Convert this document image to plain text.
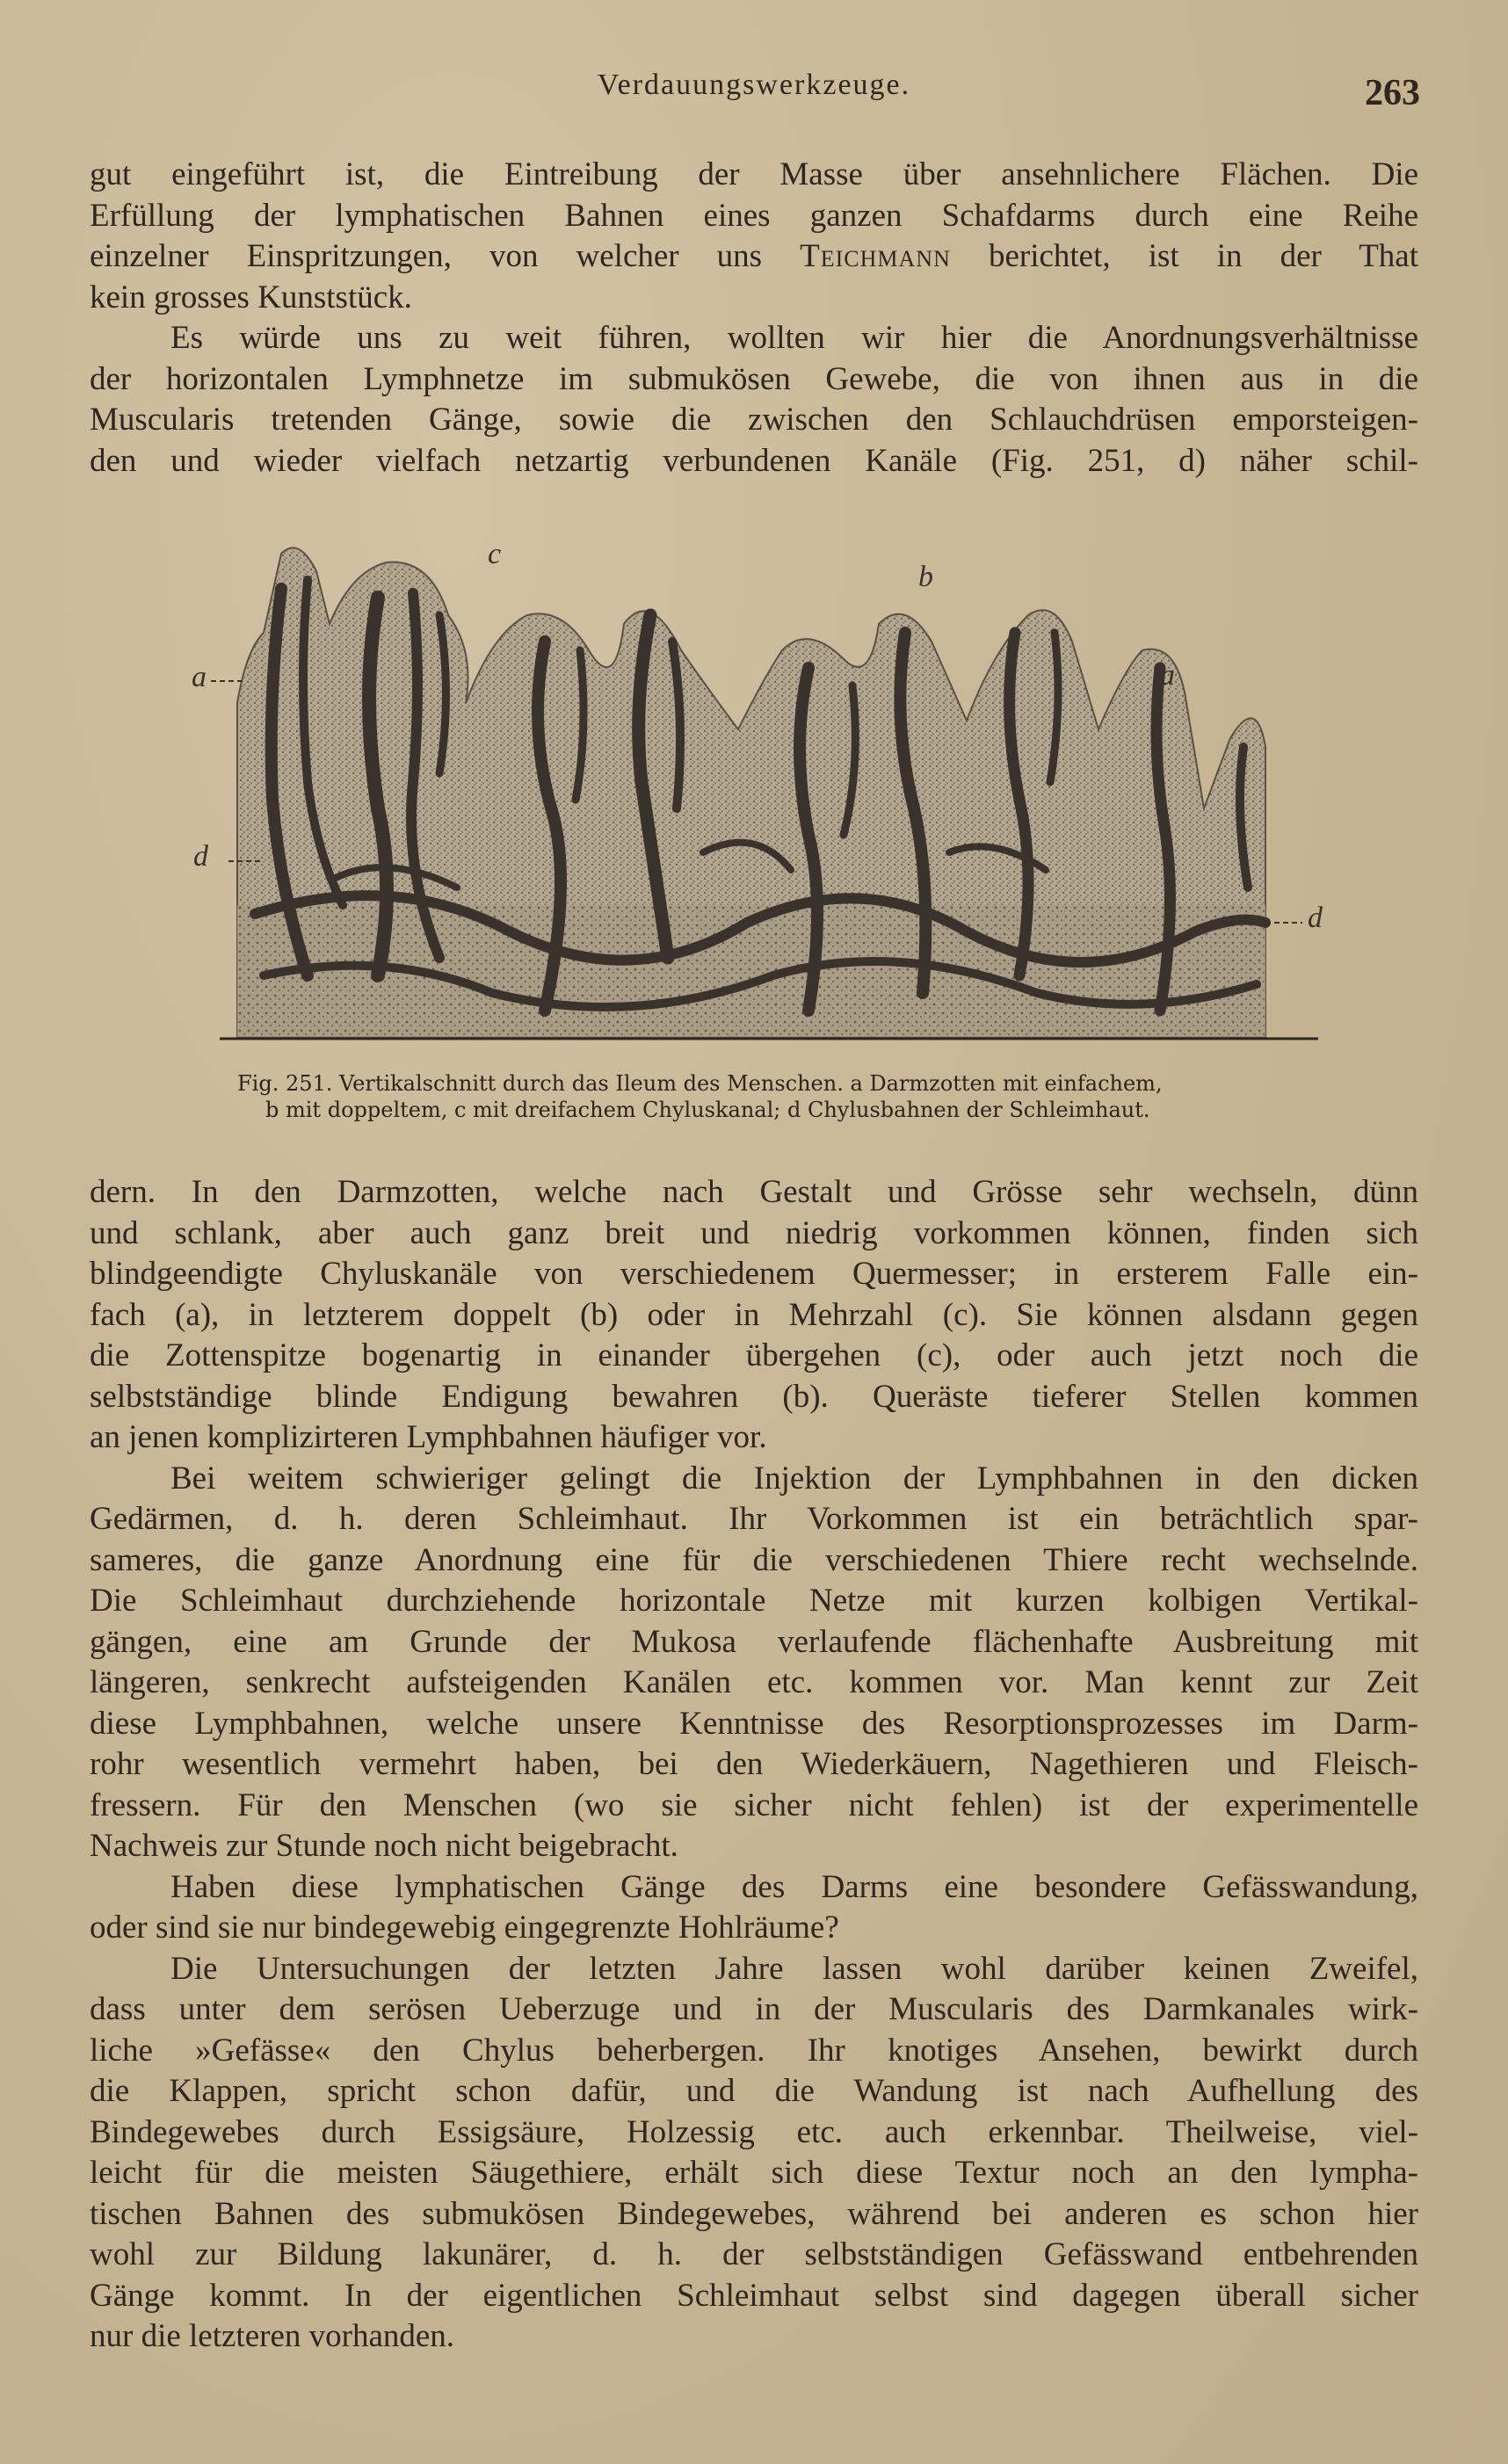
Verdauungswerkzeuge.	263
gut eingeführt ist, die Eintreibung der Masse über ansehnlichere Flächen. Die
Erfüllung der lymphatischen Bahnen eines ganzen Schafdarms durch eine Reihe
einzelner Einspritzungen, von welcher uns Teichmann berichtet, ist in der That
kein grosses Kunststück.
Es würde uns zu weit führen, wollten wir hier die Anordnungsverhältnisse
der horizontalen Lymphnetze im submukösen Gewebe, die von ihnen aus in die
Muscularis tretenden Gänge, sowie die zwischen den Schlauchdrüsen emporsteigen-
den und wieder vielfach netzartig verbundenen Kanäle (Fig. 251, d) näher schil-
c
b
a	a
d
d
Fig. 251. Vertikalschnitt durch das Ileum des Menschen. a Darmzotten mit einfachem,
b mit doppeltem, c mit dreifachem Chyluskanal; d Chylusbahnen der Schleimhaut.
dern. In den Darmzotten, welche nach Gestalt und Grösse sehr wechseln, dünn
und schlank, aber auch ganz breit und niedrig vorkommen können, finden sich
blindgeendigte Chyluskanäle von verschiedenem Quermesser; in ersterem Falle ein-
fach (a), in letzterem doppelt (b) oder in Mehrzahl (c). Sie können alsdann gegen
die Zottenspitze bogenartig in einander übergehen (c), oder auch jetzt noch die
selbstständige blinde Endigung bewahren (b). Queräste tieferer Stellen kommen
an jenen komplizirteren Lymphbahnen häufiger vor.
Bei weitem schwieriger gelingt die Injektion der Lymphbahnen in den dicken
Gedärmen, d. h. deren Schleimhaut. Ihr Vorkommen ist ein beträchtlich spar-
sameres, die ganze Anordnung eine für die verschiedenen Thiere recht wechselnde.
Die Schleimhaut durchziehende horizontale Netze mit kurzen kolbigen Vertikal-
gängen, eine am Grunde der Mukosa verlaufende flächenhafte Ausbreitung mit
längeren, senkrecht aufsteigenden Kanälen etc. kommen vor. Man kennt zur Zeit
diese Lymphbahnen, welche unsere Kenntnisse des Resorptionsprozesses im Darm-
rohr wesentlich vermehrt haben, bei den Wiederkäuern, Nagethieren und Fleisch-
fressern. Für den Menschen (wo sie sicher nicht fehlen) ist der experimentelle
Nachweis zur Stunde noch nicht beigebracht.
Haben diese lymphatischen Gänge des Darms eine besondere Gefässwandung,
oder sind sie nur bindegewebig eingegrenzte Hohlräume?
Die Untersuchungen der letzten Jahre lassen wohl darüber keinen Zweifel,
dass unter dem serösen Ueberzuge und in der Muscularis des Darmkanales wirk-
liche »Gefässe« den Chylus beherbergen. Ihr knotiges Ansehen, bewirkt durch
die Klappen, spricht schon dafür, und die Wandung ist nach Aufhellung des
Bindegewebes durch Essigsäure, Holzessig etc. auch erkennbar. Theilweise, viel-
leicht für die meisten Säugethiere, erhält sich diese Textur noch an den lympha-
tischen Bahnen des submukösen Bindegewebes, während bei anderen es schon hier
wohl zur Bildung lakunärer, d. h. der selbstständigen Gefässwand entbehrenden
Gänge kommt. In der eigentlichen Schleimhaut selbst sind dagegen überall sicher
nur die letzteren vorhanden.
